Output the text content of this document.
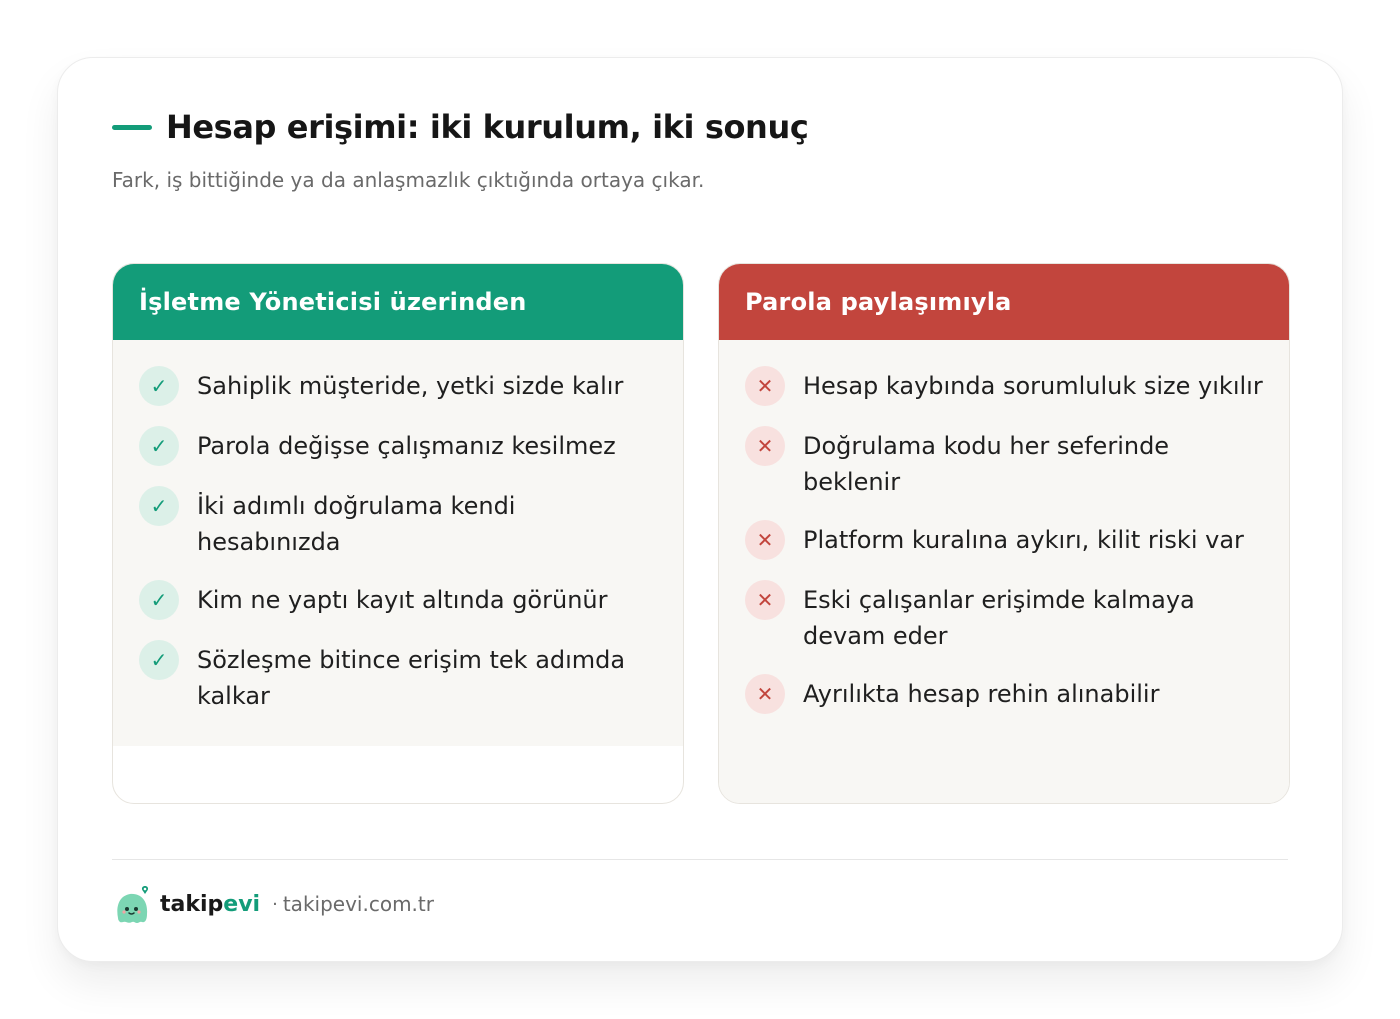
Hesap erişimi: iki kurulum, iki sonuç

Fark, iş bittiğinde ya da anlaşmazlık çıktığında ortaya çıkar.

İşletme Yöneticisi üzerinden
✓	Sahiplik müşteride, yetki sizde kalır
✓	Parola değişse çalışmanız kesilmez
✓	İki adımlı doğrulama kendi hesabınızda
✓	Kim ne yaptı kayıt altında görünür
✓	Sözleşme bitince erişim tek adımda kalkar
Parola paylaşımıyla
✕	Hesap kaybında sorumluluk size yıkılır
✕	Doğrulama kodu her seferinde beklenir
✕	Platform kuralına aykırı, kilit riski var
✕	Eski çalışanlar erişimde kalmaya devam eder
✕	Ayrılıkta hesap rehin alınabilir
takipevi · takipevi.com.tr
